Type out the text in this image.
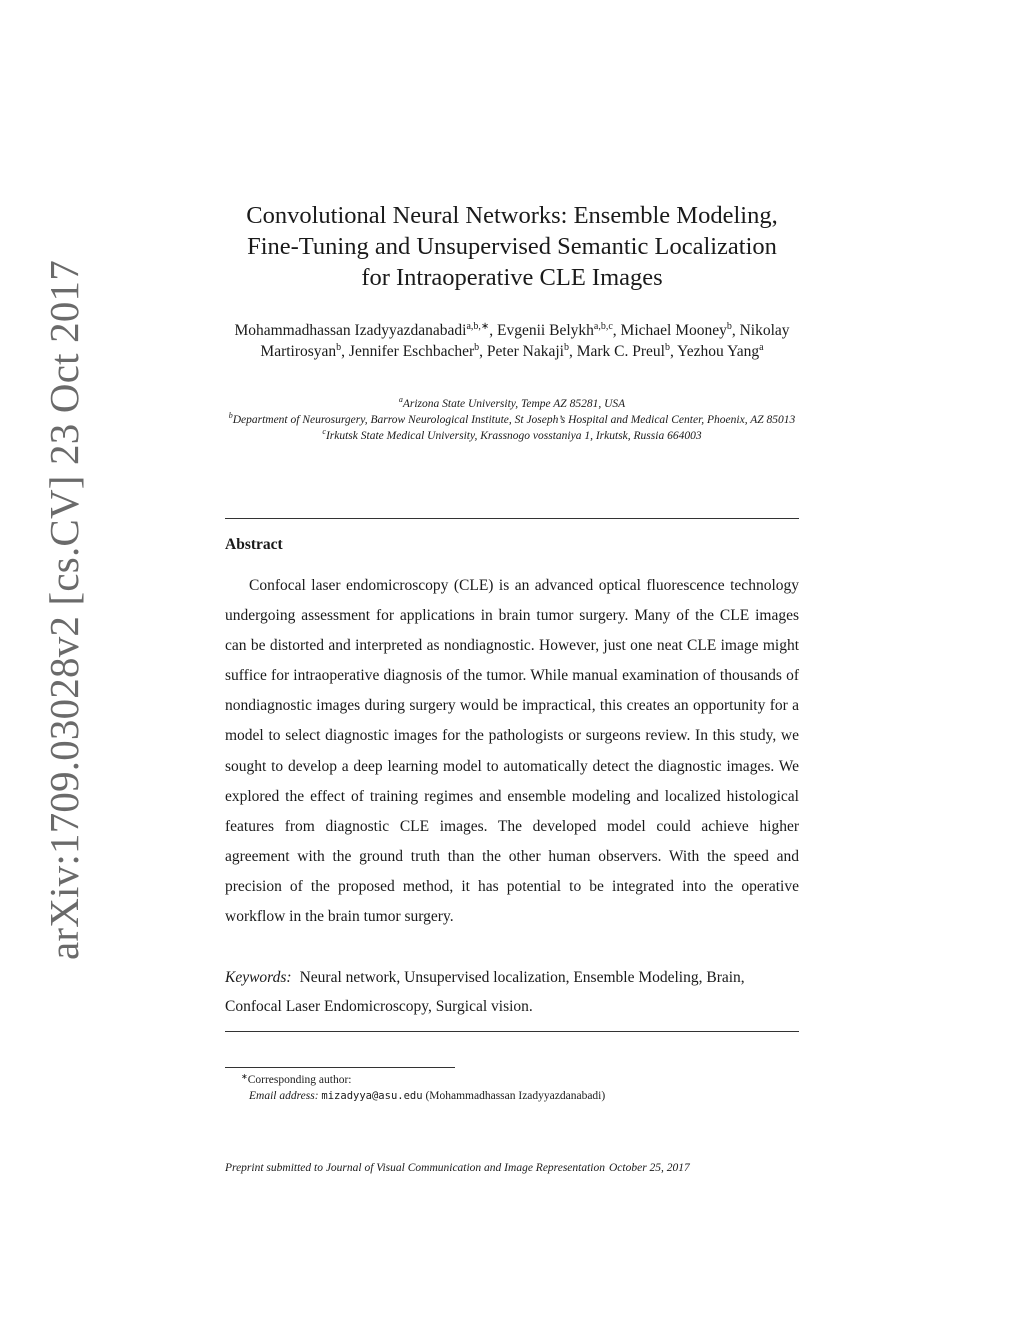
arXiv:1709.03028v2 [cs.CV] 23 Oct 2017
Convolutional Neural Networks: Ensemble Modeling,
Fine-Tuning and Unsupervised Semantic Localization
for Intraoperative CLE Images
Mohammadhassan Izadyyazdanabadi$^{a,b,∗}$, Evgenii Belykh$^{a,b,c}$, Michael Mooney$^b$, Nikolay Martirosyan$^b$, Jennifer Eschbacher$^b$, Peter Nakaji$^b$, Mark C. Preul$^b$, Yezhou Yang$^a$
$^a$Arizona State University, Tempe AZ 85281, USA
$^b$Department of Neurosurgery, Barrow Neurological Institute, St Joseph’s Hospital and Medical Center, Phoenix, AZ 85013
$^c$Irkutsk State Medical University, Krassnogo vosstaniya 1, Irkutsk, Russia 664003
Abstract

Confocal laser endomicroscopy (CLE) is an advanced optical fluorescence technology undergoing assessment for applications in brain tumor surgery. Many of the CLE images can be distorted and interpreted as nondiagnostic. However, just one neat CLE image might suffice for intraoperative diagnosis of the tumor. While manual examination of thousands of nondiagnostic images during surgery would be impractical, this creates an opportunity for a model to select diagnostic images for the pathologists or surgeons review. In this study, we sought to develop a deep learning model to automatically detect the diagnostic images. We explored the effect of training regimes and ensemble modeling and localized histological features from diagnostic CLE images. The developed model could achieve higher agreement with the ground truth than the other human observers. With the speed and precision of the proposed method, it has potential to be integrated into the operative workflow in the brain tumor surgery.

Keywords: Neural network, Unsupervised localization, Ensemble Modeling, Brain, Confocal Laser Endomicroscopy, Surgical vision.

∗Corresponding author:
Email address: mizadyya@asu.edu (Mohammadhassan Izadyyazdanabadi)
Preprint submitted to Journal of Visual Communication and Image Representation October 25, 2017
